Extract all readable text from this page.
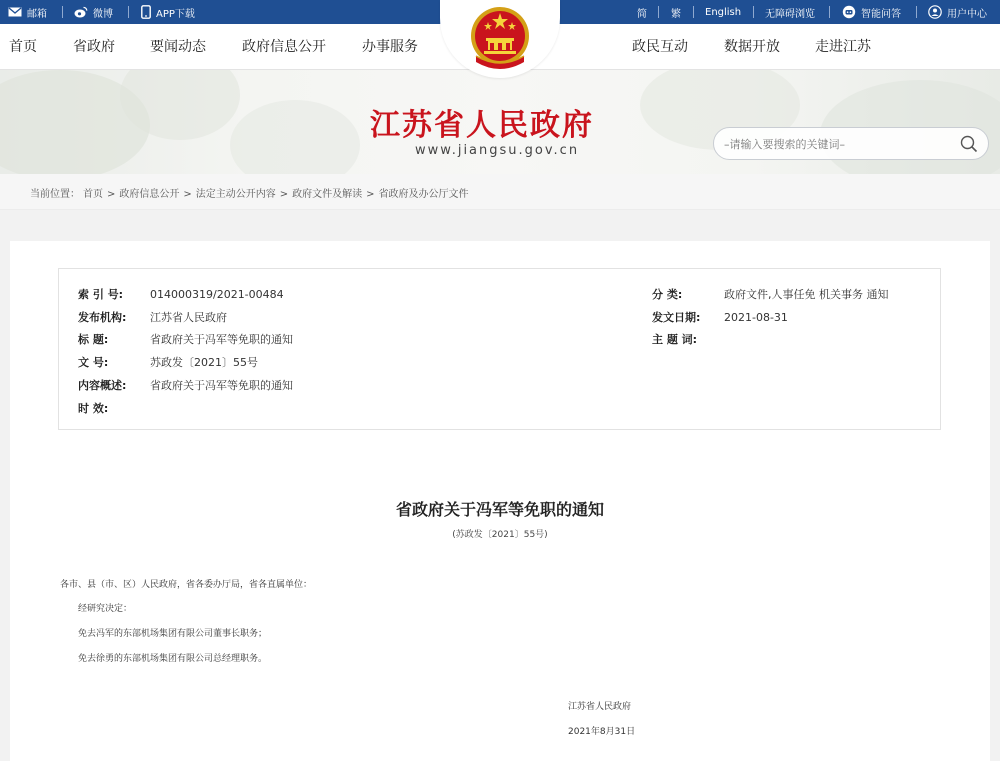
邮箱	微博	APP下载	简 繁 English 无障碍浏览	智能问答	用户中心
首页	省政府	要闻动态	政府信息公开	办事服务	政民互动	数据开放	走进江苏
江苏省人民政府
www.jiangsu.gov.cn
–请输入要搜索的关键词–
当前位置： 首页 > 政府信息公开 > 法定主动公开内容 > 政府文件及解读 > 省政府及办公厅文件
索 引 号: 014000319/2021-00484
发布机构: 江苏省人民政府
标 题:	省政府关于冯军等免职的通知
文 号:	苏政发〔2021〕55号
内容概述: 省政府关于冯军等免职的通知
时 效:
分 类:	政府文件,人事任免 机关事务 通知
发文日期: 2021-08-31
主 题 词:
省政府关于冯军等免职的通知
(苏政发〔2021〕55号)
各市、县（市、区）人民政府，省各委办厅局，省各直属单位：
经研究决定：
免去冯军的东部机场集团有限公司董事长职务；
免去徐勇的东部机场集团有限公司总经理职务。
江苏省人民政府
2021年8月31日
